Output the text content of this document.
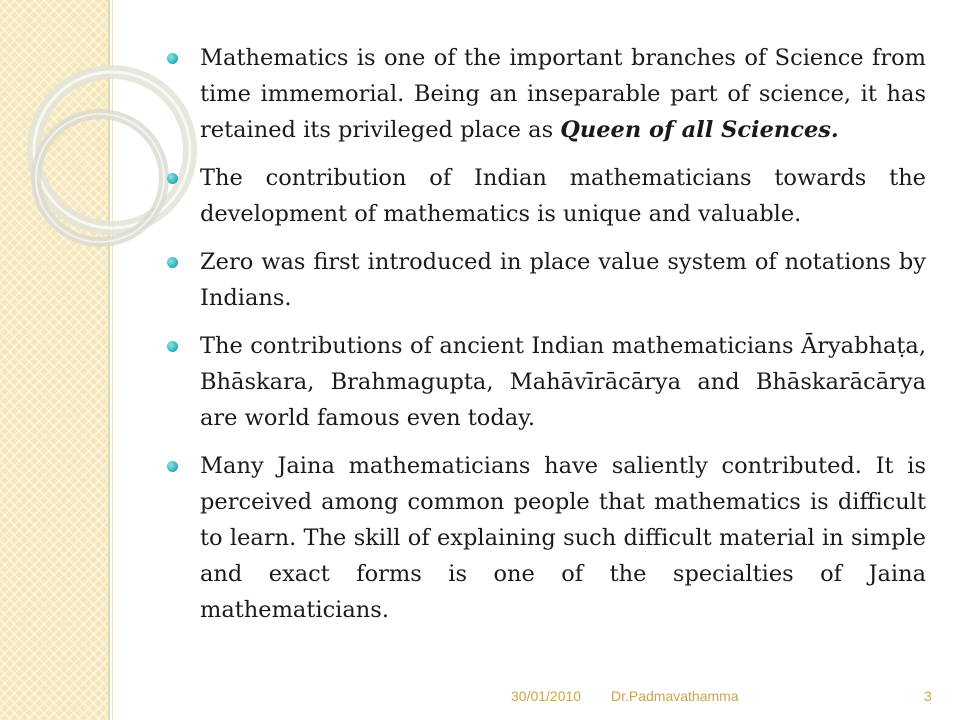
Mathematics is one of the important branches of Science from time immemorial. Being an inseparable part of science, it has retained its privileged place as Queen of all Sciences.
The contribution of Indian mathematicians towards the development of mathematics is unique and valuable.
Zero was first introduced in place value system of notations by Indians.
The contributions of ancient Indian mathematicians Āryabhaṭa, Bhāskara, Brahmagupta, Mahāvīrācārya and Bhāskarācārya are world famous even today.
Many Jaina mathematicians have saliently contributed. It is perceived among common people that mathematics is difficult to learn. The skill of explaining such difficult material in simple and exact forms is one of the specialties of Jaina mathematicians.
30/01/2010 Dr.Padmavathamma	3
